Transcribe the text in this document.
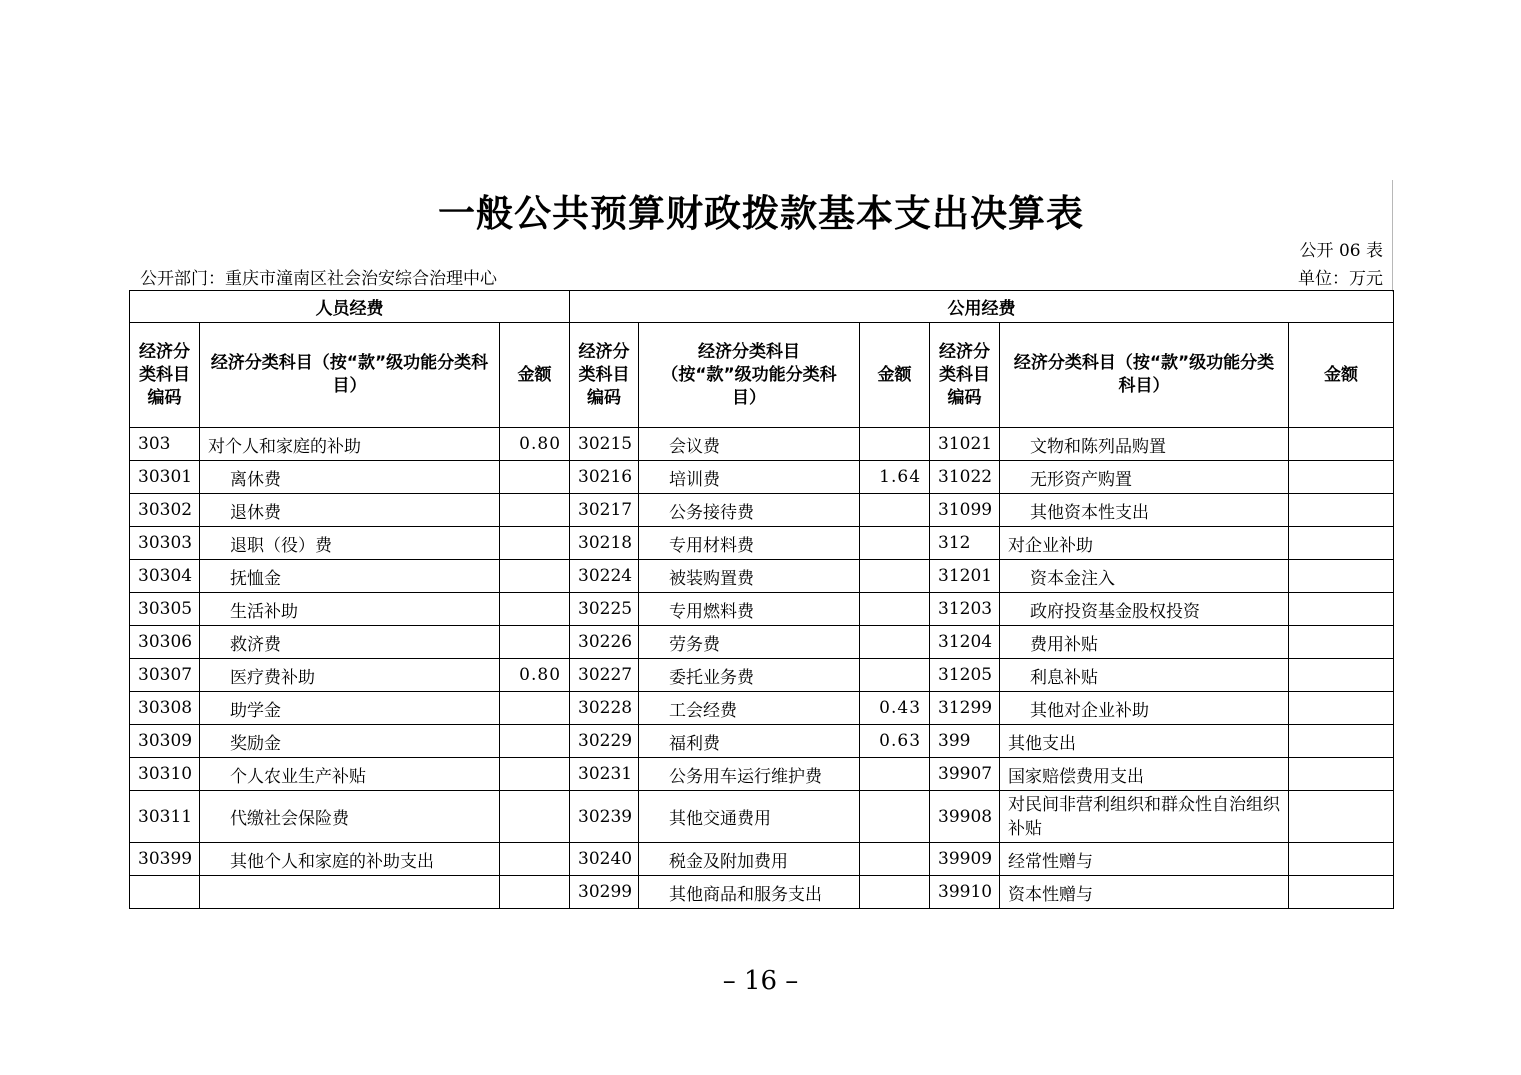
一般公共预算财政拨款基本支出决算表
公开 06 表
公开部门：重庆市潼南区社会治安综合治理中心	单位：万元
人员经费			公用经费					
经济分类科目编码	经济分类科目（按“款”级功能分类科目）	金额	经济分类科目编码	经济分类科目（按“款”级功能分类科目）	金额	经济分类科目编码	经济分类科目（按“款”级功能分类科目）	金额
303	对个人和家庭的补助	0.80	30215	会议费		31021	文物和陈列品购置	
30301	离休费		30216	培训费	1.64	31022	无形资产购置	
30302	退休费		30217	公务接待费		31099	其他资本性支出	
30303	退职（役）费		30218	专用材料费		312	对企业补助	
30304	抚恤金		30224	被装购置费		31201	资本金注入	
30305	生活补助		30225	专用燃料费		31203	政府投资基金股权投资	
30306	救济费		30226	劳务费		31204	费用补贴	
30307	医疗费补助	0.80	30227	委托业务费		31205	利息补贴	
30308	助学金		30228	工会经费	0.43	31299	其他对企业补助	
30309	奖励金		30229	福利费	0.63	399	其他支出	
30310	个人农业生产补贴		30231	公务用车运行维护费		39907	国家赔偿费用支出	
30311	代缴社会保险费		30239	其他交通费用		39908	对民间非营利组织和群众性自治组织补贴	
30399	其他个人和家庭的补助支出		30240	税金及附加费用		39909	经常性赠与	
			30299	其他商品和服务支出		39910	资本性赠与	
– 16 –
